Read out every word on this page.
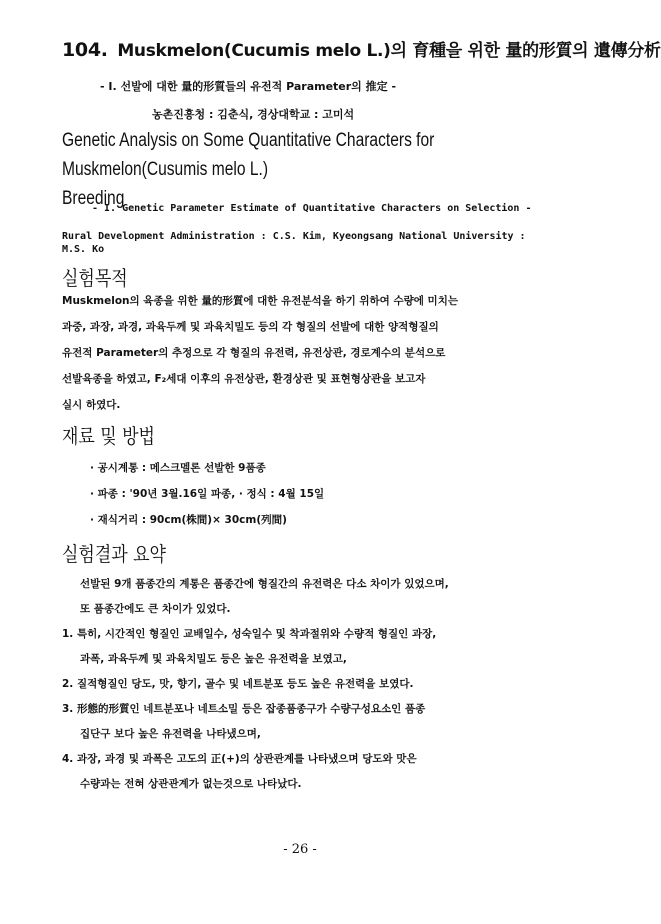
104. Muskmelon(Cucumis melo L.)의 育種을 위한 量的形質의 遺傳分析
- I. 선발에 대한 量的形質들의 유전적 Parameter의 推定 -
농촌진흥청 : 김춘식, 경상대학교 : 고미석
Genetic Analysis on Some Quantitative Characters for Muskmelon(Cusumis melo L.)
Breeding
- I. Genetic Parameter Estimate of Quantitative Characters on Selection -
Rural Development Administration : C.S. Kim, Kyeongsang National University :
M.S. Ko
실험목적
Muskmelon의 육종을 위한 量的形質에 대한 유전분석을 하기 위하여 수량에 미치는
과중, 과장, 과경, 과육두께 및 과육치밀도 등의 각 형질의 선발에 대한 양적형질의
유전적 Parameter의 추정으로 각 형질의 유전력, 유전상관, 경로계수의 분석으로
선발육종을 하였고, F₂세대 이후의 유전상관, 환경상관 및 표현형상관을 보고자
실시 하였다.
재료 및 방법
· 공시계통 : 메스크멜론 선발한 9품종
· 파종 : '90년 3월.16일 파종, · 정식 : 4월 15일
· 재식거리 : 90cm(株間)× 30cm(列間)
실험결과 요약
선발된 9개 품종간의 계통은 품종간에 형질간의 유전력은 다소 차이가 있었으며,
또 품종간에도 큰 차이가 있었다.
1. 특히, 시간적인 형질인 교배일수, 성숙일수 및 착과절위와 수량적 형질인 과장,
과폭, 과육두께 및 과육치밀도 등은 높은 유전력을 보였고,
2. 질적형질인 당도, 맛, 향기, 골수 및 네트분포 등도 높은 유전력을 보였다.
3. 形態的形質인 네트분포나 네트소밀 등은 잡종품종구가 수량구성요소인 품종
집단구 보다 높은 유전력을 나타냈으며,
4. 과장, 과경 및 과폭은 고도의 正(+)의 상관관계를 나타냈으며 당도와 맛은
수량과는 전혀 상관관계가 없는것으로 나타났다.
- 26 -
